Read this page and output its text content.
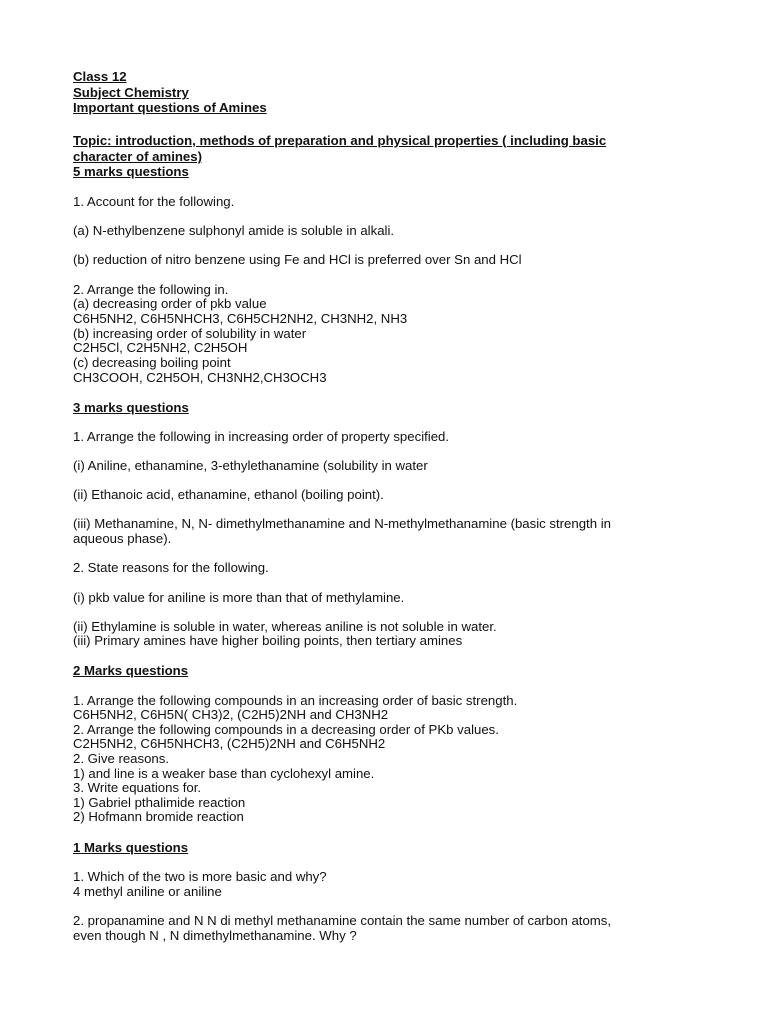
Class 12
Subject Chemistry
Important questions of Amines
Topic: introduction, methods of preparation and physical properties ( including basic
character of amines)
5 marks questions
1. Account for the following.
(a) N-ethylbenzene sulphonyl amide is soluble in alkali.
(b) reduction of nitro benzene using Fe and HCl is preferred over Sn and HCl
2. Arrange the following in.
(a) decreasing order of pkb value
C6H5NH2, C6H5NHCH3, C6H5CH2NH2, CH3NH2, NH3
(b) increasing order of solubility in water
C2H5Cl, C2H5NH2, C2H5OH
(c) decreasing boiling point
CH3COOH, C2H5OH, CH3NH2,CH3OCH3
3 marks questions
1. Arrange the following in increasing order of property specified.
(i) Aniline, ethanamine, 3-ethylethanamine (solubility in water
(ii) Ethanoic acid, ethanamine, ethanol (boiling point).
(iii) Methanamine, N, N- dimethylmethanamine and N-methylmethanamine (basic strength in
aqueous phase).
2. State reasons for the following.
(i) pkb value for aniline is more than that of methylamine.
(ii) Ethylamine is soluble in water, whereas aniline is not soluble in water.
(iii) Primary amines have higher boiling points, then tertiary amines
2 Marks questions
1. Arrange the following compounds in an increasing order of basic strength.
C6H5NH2, C6H5N( CH3)2, (C2H5)2NH and CH3NH2
2. Arrange the following compounds in a decreasing order of PKb values.
C2H5NH2, C6H5NHCH3, (C2H5)2NH and C6H5NH2
2. Give reasons.
1) and line is a weaker base than cyclohexyl amine.
3. Write equations for.
1) Gabriel pthalimide reaction
2) Hofmann bromide reaction
1 Marks questions
1. Which of the two is more basic and why?
4 methyl aniline or aniline
2. propanamine and N N di methyl methanamine contain the same number of carbon atoms,
even though N , N dimethylmethanamine. Why ?
